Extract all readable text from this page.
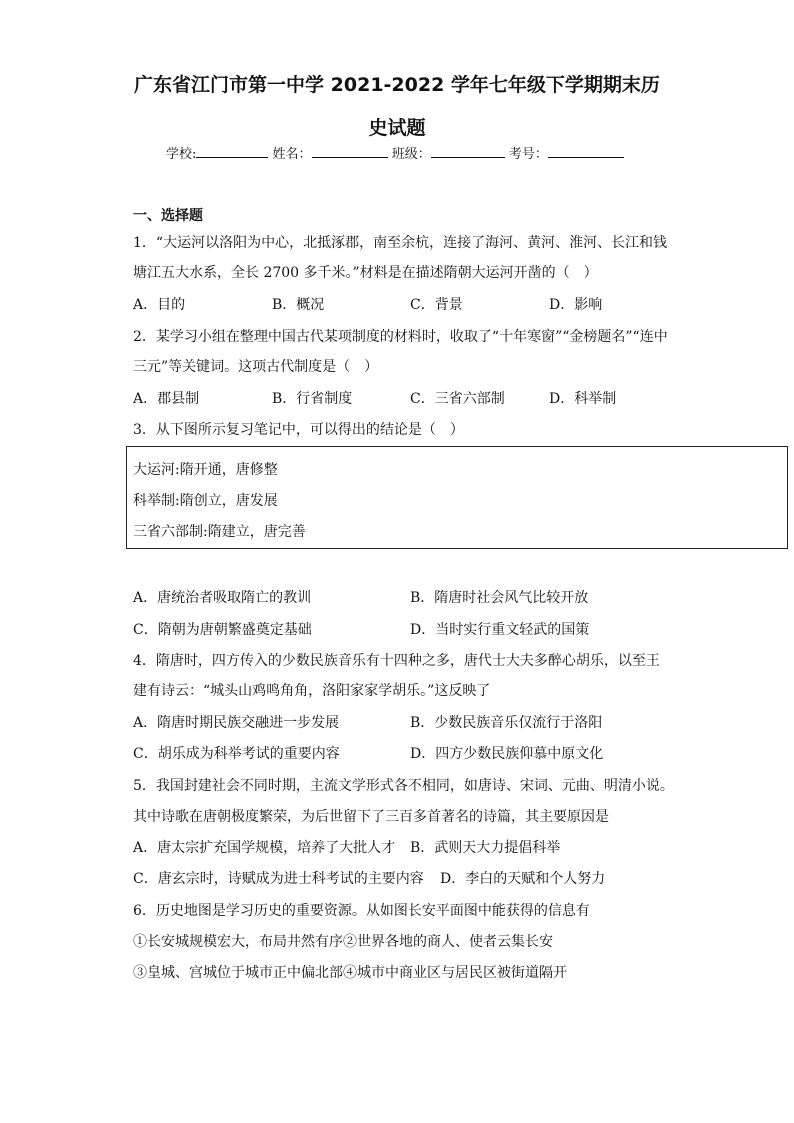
广东省江门市第一中学 2021-2022 学年七年级下学期期末历
史试题
学校:	姓名：	班级：	考号：
一、选择题
1．“大运河以洛阳为中心，北抵涿郡，南至余杭，连接了海河、黄河、淮河、长江和钱
塘江五大水系，全长 2700 多千米。”材料是在描述隋朝大运河开凿的（　）
A．目的	B．概况	C．背景	D．影响
2．某学习小组在整理中国古代某项制度的材料时，收取了“十年寒窗”“金榜题名”“连中
三元”等关键词。这项古代制度是（　）
A．郡县制	B．行省制度	C．三省六部制	D．科举制
3．从下图所示复习笔记中，可以得出的结论是（　）
大运河:隋开通，唐修整
科举制:隋创立，唐发展
三省六部制:隋建立，唐完善
A．唐统治者吸取隋亡的教训	B．隋唐时社会风气比较开放
C．隋朝为唐朝繁盛奠定基础	D．当时实行重文轻武的国策
4．隋唐时，四方传入的少数民族音乐有十四种之多，唐代士大夫多醉心胡乐，以至王
建有诗云：“城头山鸡鸣角角，洛阳家家学胡乐。”这反映了
A．隋唐时期民族交融进一步发展	B．少数民族音乐仅流行于洛阳
C．胡乐成为科举考试的重要内容	D．四方少数民族仰慕中原文化
5．我国封建社会不同时期，主流文学形式各不相同，如唐诗、宋词、元曲、明清小说。
其中诗歌在唐朝极度繁荣，为后世留下了三百多首著名的诗篇，其主要原因是
A．唐太宗扩充国学规模，培养了大批人才 B．武则天大力提倡科举
C．唐玄宗时，诗赋成为进士科考试的主要内容 D．李白的天赋和个人努力
6．历史地图是学习历史的重要资源。从如图长安平面图中能获得的信息有
①长安城规模宏大，布局井然有序②世界各地的商人、使者云集长安
③皇城、宫城位于城市正中偏北部④城市中商业区与居民区被街道隔开
